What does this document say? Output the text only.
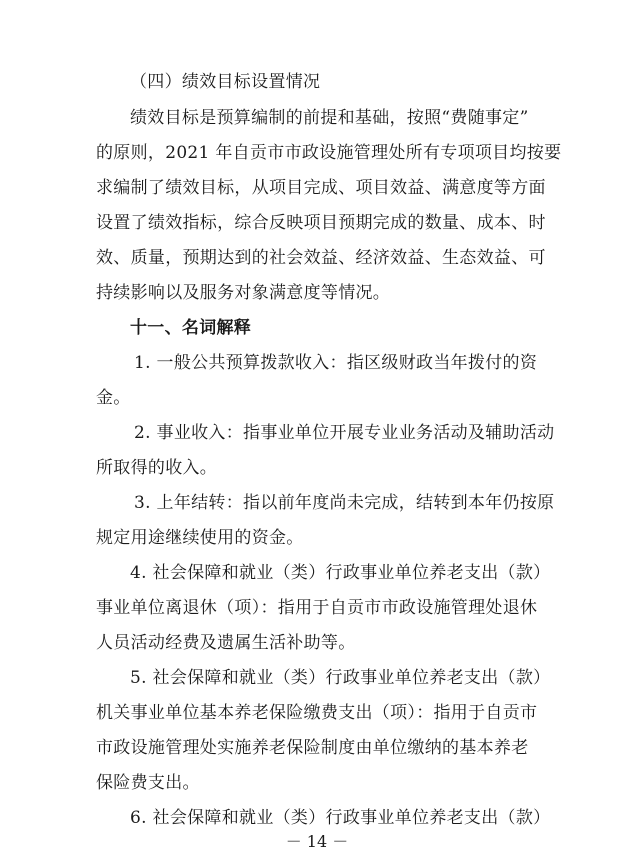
（四）绩效目标设置情况
绩效目标是预算编制的前提和基础，按照“费随事定”
的原则，2021 年自贡市市政设施管理处所有专项项目均按要
求编制了绩效目标，从项目完成、项目效益、满意度等方面
设置了绩效指标，综合反映项目预期完成的数量、成本、时
效、质量，预期达到的社会效益、经济效益、生态效益、可
持续影响以及服务对象满意度等情况。
十一、名词解释
1. 一般公共预算拨款收入：指区级财政当年拨付的资
金。
2. 事业收入：指事业单位开展专业业务活动及辅助活动
所取得的收入。
3. 上年结转：指以前年度尚未完成，结转到本年仍按原
规定用途继续使用的资金。
4. 社会保障和就业（类）行政事业单位养老支出（款）
事业单位离退休（项）：指用于自贡市市政设施管理处退休
人员活动经费及遗属生活补助等。
5. 社会保障和就业（类）行政事业单位养老支出（款）
机关事业单位基本养老保险缴费支出（项）：指用于自贡市
市政设施管理处实施养老保险制度由单位缴纳的基本养老
保险费支出。
6. 社会保障和就业（类）行政事业单位养老支出（款）
－ 14 －
